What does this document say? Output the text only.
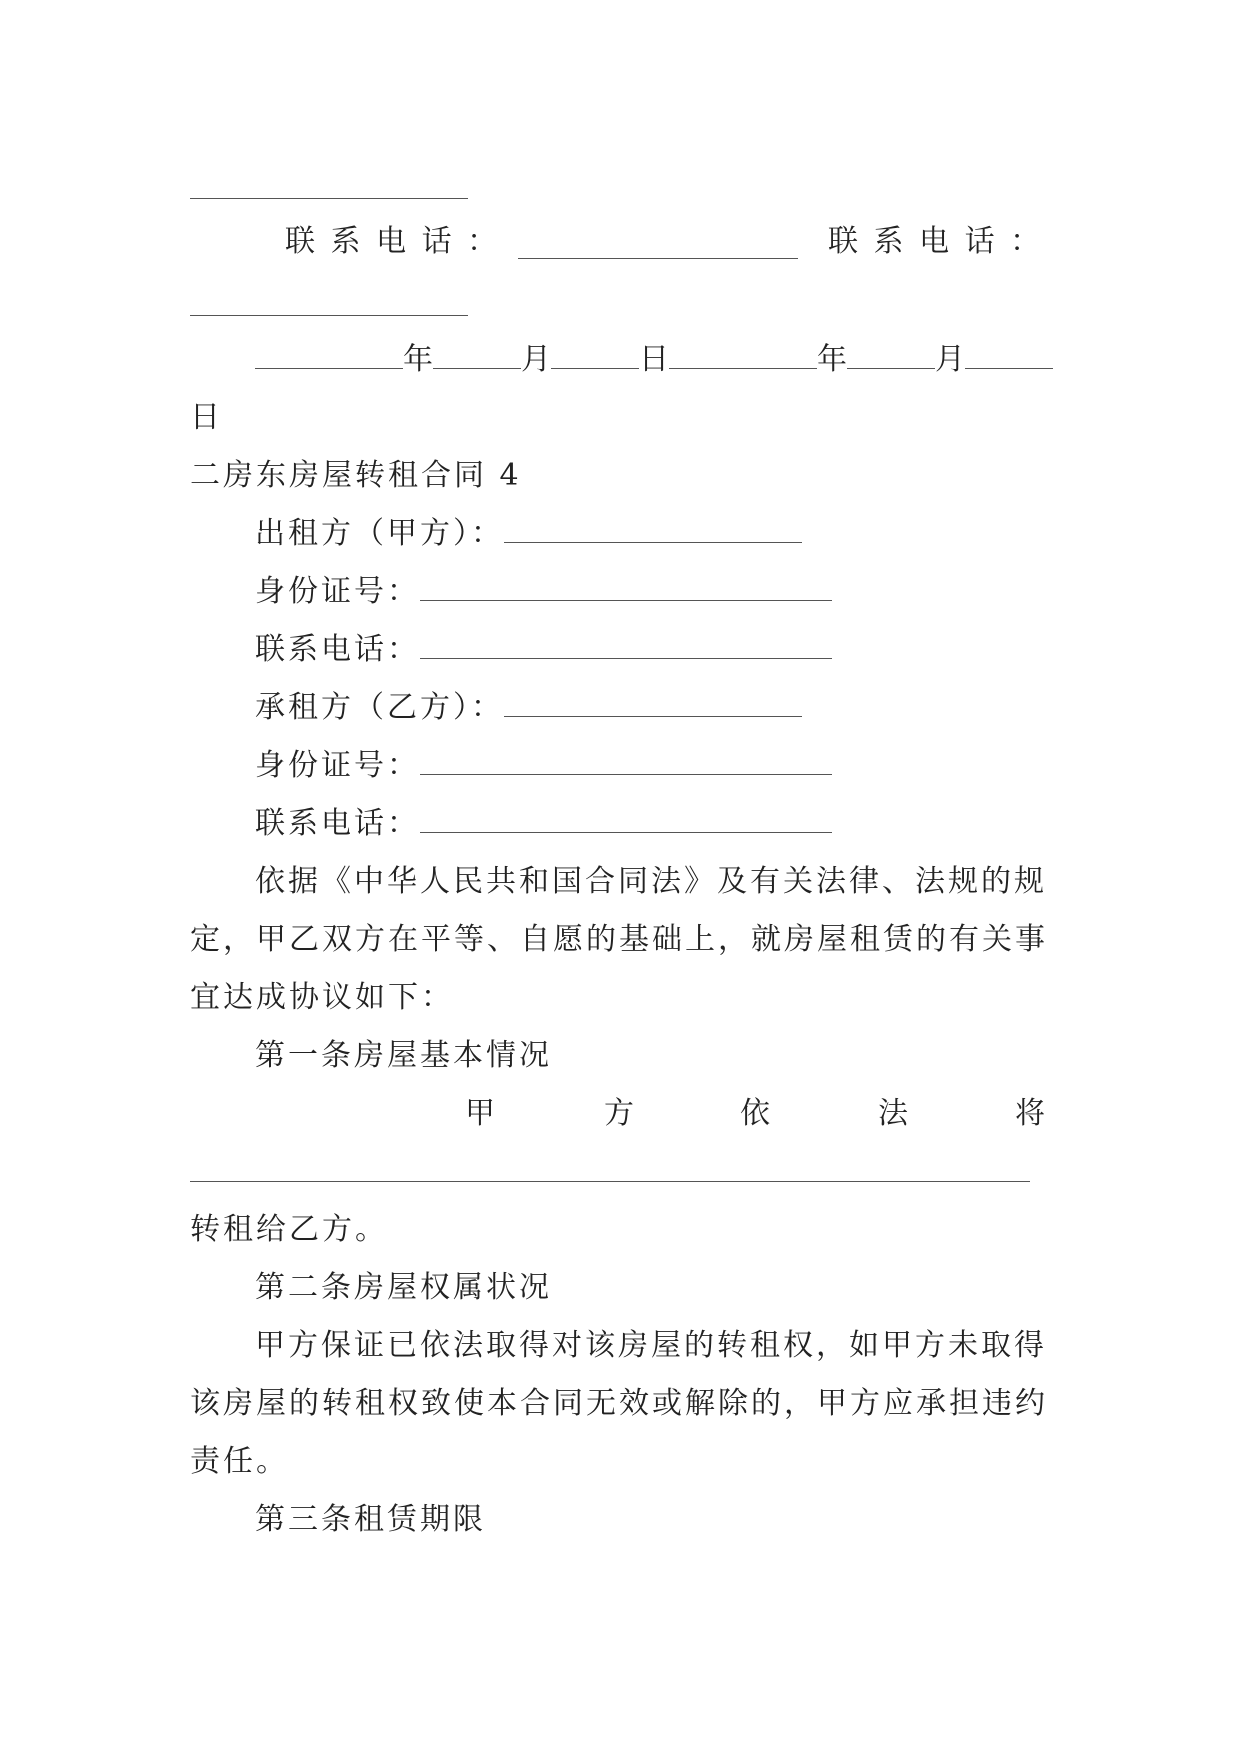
联 系 电 话 ：	联 系 电 话 ：
年	月	日	年	月
日
二房东房屋转租合同 4
出租方（甲方）：
身份证号：
联系电话：
承租方（乙方）：
身份证号：
联系电话：
依据《中华人民共和国合同法》及有关法律、法规的规
定，甲乙双方在平等、自愿的基础上，就房屋租赁的有关事
宜达成协议如下：
第一条房屋基本情况
甲	方	依	法	将
转租给乙方。
第二条房屋权属状况
甲方保证已依法取得对该房屋的转租权，如甲方未取得
该房屋的转租权致使本合同无效或解除的，甲方应承担违约
责任。
第三条租赁期限
